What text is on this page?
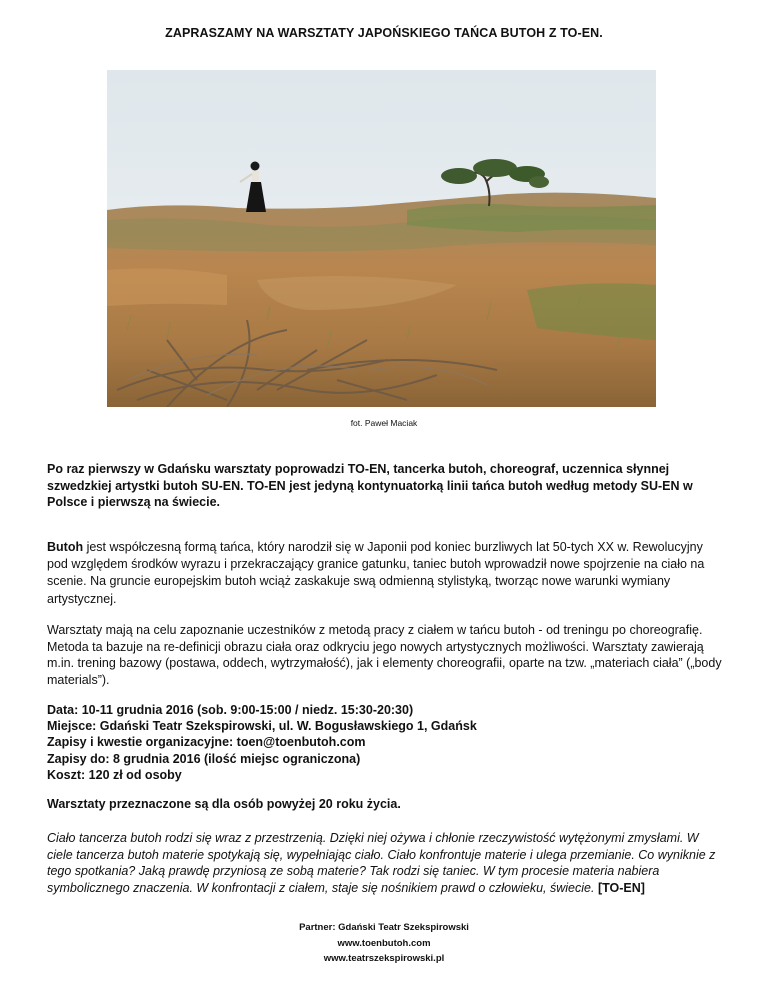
ZAPRASZAMY NA WARSZTATY JAPOŃSKIEGO TAŃCA BUTOH Z TO-EN.
fot. Paweł Maciak
Po raz pierwszy w Gdańsku warsztaty poprowadzi TO-EN, tancerka butoh, choreograf, uczennica słynnej szwedzkiej artystki butoh SU-EN. TO-EN jest jedyną kontynuatorką linii tańca butoh według metody SU-EN w Polsce i pierwszą na świecie.
Butoh jest współczesną formą tańca, który narodził się w Japonii pod koniec burzliwych lat 50-tych XX w. Rewolucyjny pod względem środków wyrazu i przekraczający granice gatunku, taniec butoh wprowadził nowe spojrzenie na ciało na scenie. Na gruncie europejskim butoh wciąż zaskakuje swą odmienną stylistyką, tworząc nowe warunki wymiany artystycznej.
Warsztaty mają na celu zapoznanie uczestników z metodą pracy z ciałem w tańcu butoh - od treningu po choreografię. Metoda ta bazuje na re-definicji obrazu ciała oraz odkryciu jego nowych artystycznych możliwości. Warsztaty zawierają m.in. trening bazowy (postawa, oddech, wytrzymałość), jak i elementy choreografii, oparte na tzw. „materiach ciała” („body materials”).
Data: 10-11 grudnia 2016 (sob. 9:00-15:00 / niedz. 15:30-20:30)
Miejsce: Gdański Teatr Szekspirowski, ul. W. Bogusławskiego 1, Gdańsk
Zapisy i kwestie organizacyjne: toen@toenbutoh.com
Zapisy do: 8 grudnia 2016 (ilość miejsc ograniczona)
Koszt: 120 zł od osoby
Warsztaty przeznaczone są dla osób powyżej 20 roku życia.
Ciało tancerza butoh rodzi się wraz z przestrzenią. Dzięki niej ożywa i chłonie rzeczywistość wytężonymi zmysłami. W ciele tancerza butoh materie spotykają się, wypełniając ciało. Ciało konfrontuje materie i ulega przemianie. Co wyniknie z tego spotkania? Jaką prawdę przyniosą ze sobą materie? Tak rodzi się taniec. W tym procesie materia nabiera symbolicznego znaczenia. W konfrontacji z ciałem, staje się nośnikiem prawd o człowieku, świecie. [TO-EN]
Partner: Gdański Teatr Szekspirowski
www.toenbutoh.com
www.teatrszekspirowski.pl
